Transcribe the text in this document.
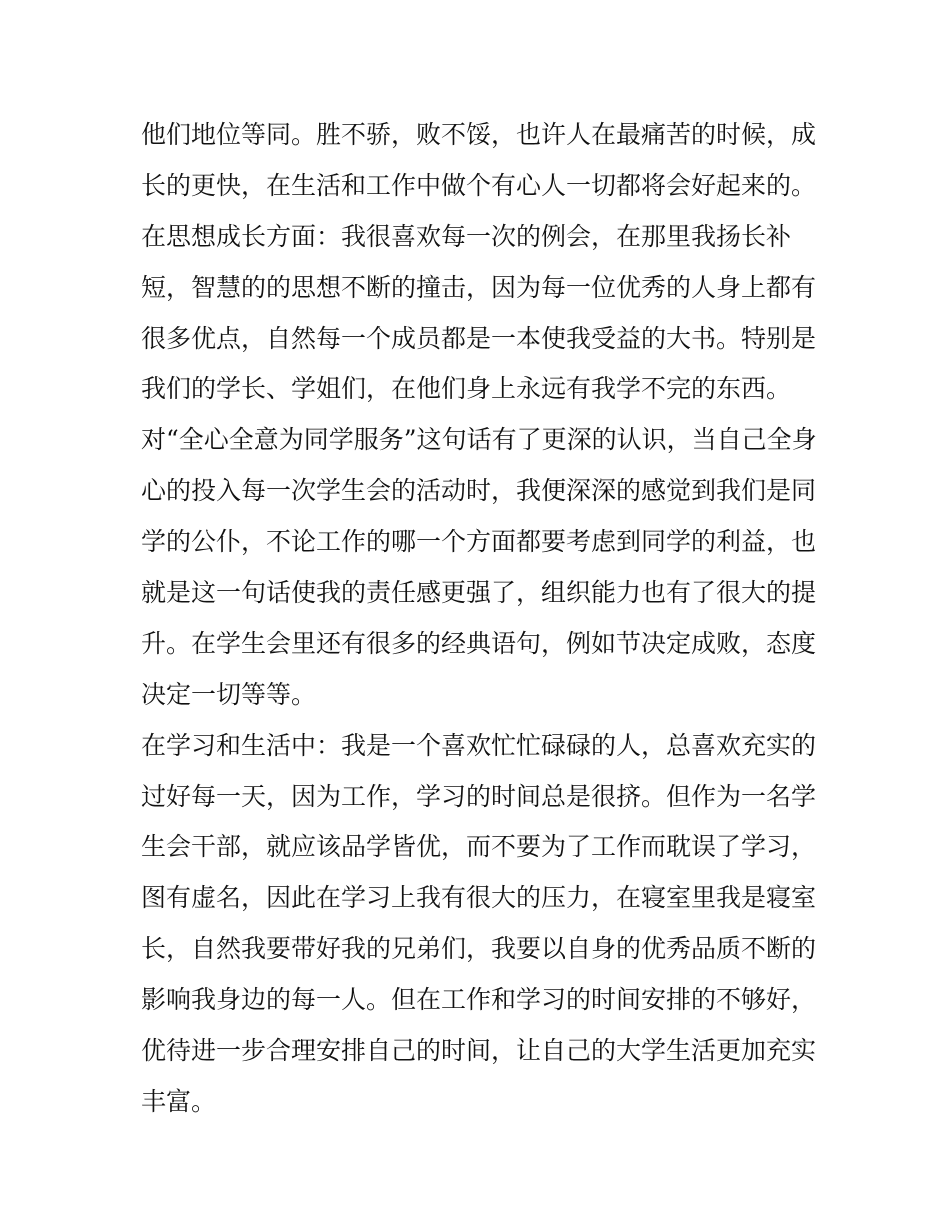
他们地位等同。胜不骄，败不馁，也许人在最痛苦的时候，成
长的更快，在生活和工作中做个有心人一切都将会好起来的。
在思想成长方面：我很喜欢每一次的例会，在那里我扬长补
短，智慧的的思想不断的撞击，因为每一位优秀的人身上都有
很多优点，自然每一个成员都是一本使我受益的大书。特别是
我们的学长、学姐们，在他们身上永远有我学不完的东西。
对“全心全意为同学服务”这句话有了更深的认识，当自己全身
心的投入每一次学生会的活动时，我便深深的感觉到我们是同
学的公仆，不论工作的哪一个方面都要考虑到同学的利益，也
就是这一句话使我的责任感更强了，组织能力也有了很大的提
升。在学生会里还有很多的经典语句，例如节决定成败，态度
决定一切等等。
在学习和生活中：我是一个喜欢忙忙碌碌的人，总喜欢充实的
过好每一天，因为工作，学习的时间总是很挤。但作为一名学
生会干部，就应该品学皆优，而不要为了工作而耽误了学习，
图有虚名，因此在学习上我有很大的压力，在寝室里我是寝室
长，自然我要带好我的兄弟们，我要以自身的优秀品质不断的
影响我身边的每一人。但在工作和学习的时间安排的不够好，
优待进一步合理安排自己的时间，让自己的大学生活更加充实
丰富。
